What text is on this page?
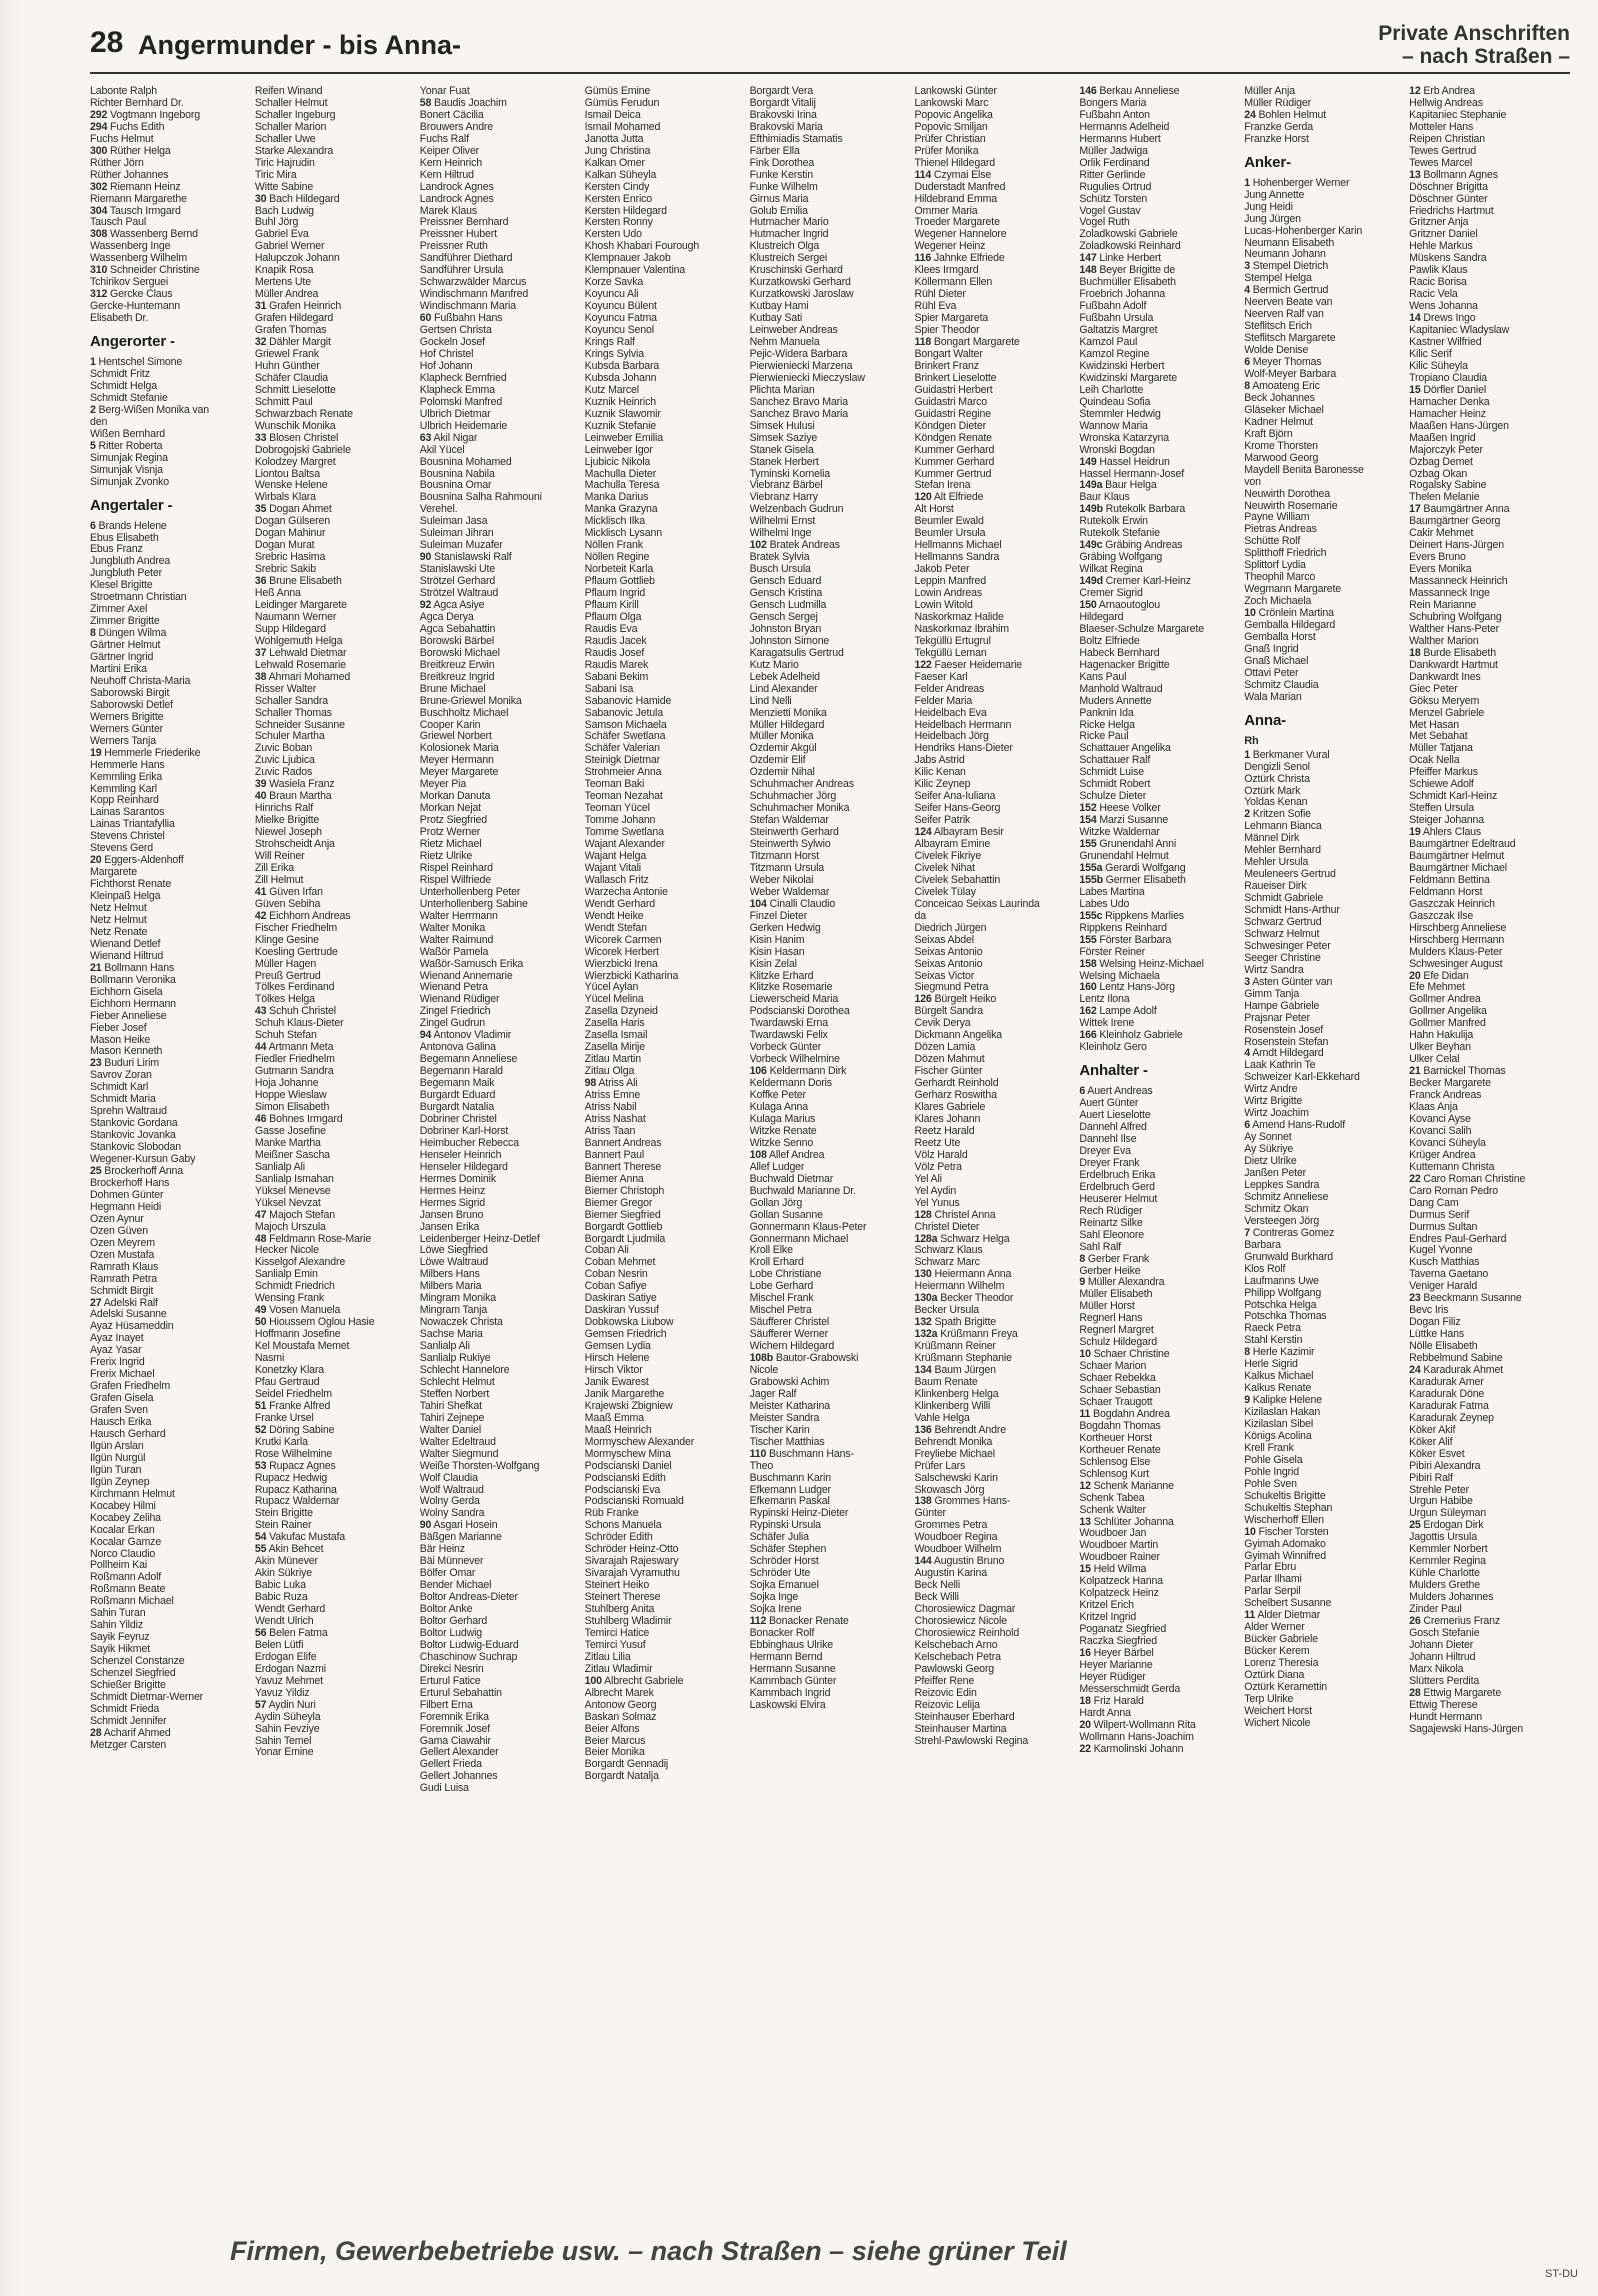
28 Angermunder - bis Anna-	Private Anschriften
– nach Straßen –
Labonte Ralph
Richter Bernhard Dr.
292 Vogtmann Ingeborg
294 Fuchs Edith
Fuchs Helmut
300 Rüther Helga
Rüther Jörn
Rüther Johannes
302 Riemann Heinz
Riemann Margarethe
304 Tausch Irmgard
Tausch Paul
308 Wassenberg Bernd
Wassenberg Inge
Wassenberg Wilhelm
310 Schneider Christine
Tchirikov Serguei
312 Gercke Claus
Gercke-Huntemann
Elisabeth Dr.
Angerorter -
1 Hentschel Simone
Schmidt Fritz
Schmidt Helga
Schmidt Stefanie
2 Berg-Wißen Monika van
den
Wißen Bernhard
5 Ritter Roberta
Simunjak Regina
Simunjak Visnja
Simunjak Zvonko
Angertaler -
6 Brands Helene
Ebus Elisabeth
Ebus Franz
Jungbluth Andrea
Jungbluth Peter
Klesel Brigitte
Stroetmann Christian
Zimmer Axel
Zimmer Brigitte
8 Düngen Wilma
Gärtner Helmut
Gärtner Ingrid
Martini Erika
Neuhoff Christa-Maria
Saborowski Birgit
Saborowski Detlef
Werners Brigitte
Werners Günter
Werners Tanja
19 Hemmerle Friederike
Hemmerle Hans
Kemmling Erika
Kemmling Karl
Kopp Reinhard
Lainas Sarantos
Lainas Triantafyllia
Stevens Christel
Stevens Gerd
20 Eggers-Aldenhoff
Margarete
Fichthorst Renate
Kleinpaß Helga
Netz Helmut
Netz Helmut
Netz Renate
Wienand Detlef
Wienand Hiltrud
21 Bollmann Hans
Bollmann Veronika
Eichhorn Gisela
Eichhorn Hermann
Fieber Anneliese
Fieber Josef
Mason Heike
Mason Kenneth
23 Buduri Lirim
Savrov Zoran
Schmidt Karl
Schmidt Maria
Sprehn Waltraud
Stankovic Gordana
Stankovic Jovanka
Stankovic Slobodan
Wegener-Kursun Gaby
25 Brockerhoff Anna
Brockerhoff Hans
Dohmen Günter
Hegmann Heidi
Özen Aynur
Özen Güven
Özen Meyrem
Özen Mustafa
Ramrath Klaus
Ramrath Petra
Schmidt Birgit
27 Adelski Ralf
Adelski Susanne
Ayaz Hüsameddin
Ayaz Inayet
Ayaz Yasar
Frerix Ingrid
Frerix Michael
Grafen Friedhelm
Grafen Gisela
Grafen Sven
Hausch Erika
Hausch Gerhard
Ilgün Arslan
Ilgün Nurgül
Ilgün Turan
Ilgün Zeynep
Kirchmann Helmut
Kocabey Hilmi
Kocabey Zeliha
Kocalar Erkan
Kocalar Gamze
Norco Claudio
Pollheim Kai
Roßmann Adolf
Roßmann Beate
Roßmann Michael
Sahin Turan
Sahin Yildiz
Sayik Feyruz
Sayik Hikmet
Schenzel Constanze
Schenzel Siegfried
Schießer Brigitte
Schmidt Dietmar-Werner
Schmidt Frieda
Schmidt Jennifer
28 Acharif Ahmed
Metzger Carsten
Reifen Winand
Schaller Helmut
Schaller Ingeburg
Schaller Marion
Schaller Uwe
Starke Alexandra
Tiric Hajrudin
Tiric Mira
Witte Sabine
30 Bach Hildegard
Bach Ludwig
Buhl Jörg
Gabriel Eva
Gabriel Werner
Halupczok Johann
Knapik Rosa
Mertens Ute
Müller Andrea
31 Grafen Heinrich
Grafen Hildegard
Grafen Thomas
32 Dähler Margit
Griewel Frank
Huhn Günther
Schäfer Claudia
Schmitt Lieselotte
Schmitt Paul
Schwarzbach Renate
Wunschik Monika
33 Blosen Christel
Dobrogojski Gabriele
Kolodzey Margret
Liontou Baltsa
Wenske Helene
Wirbals Klara
35 Dogan Ahmet
Dogan Gülseren
Dogan Mahinur
Dogan Murat
Srebric Hasima
Srebric Sakib
36 Brune Elisabeth
Heß Anna
Leidinger Margarete
Naumann Werner
Supp Hildegard
Wohlgemuth Helga
37 Lehwald Dietmar
Lehwald Rosemarie
38 Ahmari Mohamed
Risser Walter
Schaller Sandra
Schaller Thomas
Schneider Susanne
Schuler Martha
Zuvic Boban
Zuvic Ljubica
Zuvic Rados
39 Wasiela Franz
40 Braun Martha
Hinrichs Ralf
Mielke Brigitte
Niewel Joseph
Strohscheidt Anja
Will Reiner
Zill Erika
Zill Helmut
41 Güven Irfan
Güven Sebiha
42 Eichhorn Andreas
Fischer Friedhelm
Klinge Gesine
Koesling Gertrude
Müller Hagen
Preuß Gertrud
Tölkes Ferdinand
Tölkes Helga
43 Schuh Christel
Schuh Klaus-Dieter
Schuh Stefan
44 Artmann Meta
Fiedler Friedhelm
Gutmann Sandra
Hoja Johanne
Hoppe Wieslaw
Simon Elisabeth
46 Bohnes Irmgard
Gasse Josefine
Manke Martha
Meißner Sascha
Sanlialp Ali
Sanlialp Ismahan
Yüksel Menevse
Yüksel Nevzat
47 Majoch Stefan
Majoch Urszula
48 Feldmann Rose-Marie
Hecker Nicole
Kisselgof Alexandre
Sanlialp Emin
Schmidt Friedrich
Wensing Frank
49 Vosen Manuela
50 Hioussem Oglou Hasie
Hoffmann Josefine
Kel Moustafa Memet
Nasmi
Konetzky Klara
Pfau Gertraud
Seidel Friedhelm
51 Franke Alfred
Franke Ursel
52 Döring Sabine
Krutki Karla
Rose Wilhelmine
53 Rupacz Agnes
Rupacz Hedwig
Rupacz Katharina
Rupacz Waldemar
Stein Brigitte
Stein Rainer
54 Vakufac Mustafa
55 Akin Behcet
Akin Münever
Akin Sükriye
Babic Luka
Babic Ruza
Wendt Gerhard
Wendt Ulrich
56 Belen Fatma
Belen Lütfi
Erdogan Elife
Erdogan Nazmi
Yavuz Mehmet
Yavuz Yildiz
57 Aydin Nuri
Aydin Süheyla
Sahin Fevziye
Sahin Temel
Yonar Emine
Yonar Fuat
58 Baudis Joachim
Bonert Cäcilia
Brouwers Andre
Fuchs Ralf
Keiper Oliver
Kern Heinrich
Kern Hiltrud
Landrock Agnes
Landrock Agnes
Marek Klaus
Preissner Bernhard
Preissner Hubert
Preissner Ruth
Sandführer Diethard
Sandführer Ursula
Schwarzwälder Marcus
Windischmann Manfred
Windischmann Maria
60 Fußbahn Hans
Gertsen Christa
Gockeln Josef
Hof Christel
Hof Johann
Klapheck Bernfried
Klapheck Emma
Polomski Manfred
Ulbrich Dietmar
Ulbrich Heidemarie
63 Akil Nigar
Akil Yücel
Bousnina Mohamed
Bousnina Nabila
Bousnina Omar
Bousnina Salha Rahmouni
Verehel.
Suleiman Jasa
Suleiman Jihran
Suleiman Muzafer
90 Stanislawski Ralf
Stanislawski Ute
Strötzel Gerhard
Strötzel Waltraud
92 Agca Asiye
Agca Derya
Agca Sebahattin
Borowski Bärbel
Borowski Michael
Breitkreuz Erwin
Breitkreuz Ingrid
Brune Michael
Brune-Griewel Monika
Buschholtz Michael
Cooper Karin
Griewel Norbert
Kolosionek Maria
Meyer Hermann
Meyer Margarete
Meyer Pia
Morkan Danuta
Morkan Nejat
Protz Siegfried
Protz Werner
Rietz Michael
Rietz Ulrike
Rispel Reinhard
Rispel Wilfriede
Unterhollenberg Peter
Unterhollenberg Sabine
Walter Herrmann
Walter Monika
Walter Raimund
Waßör Pamela
Waßör-Samusch Erika
Wienand Annemarie
Wienand Petra
Wienand Rüdiger
Zingel Friedrich
Zingel Gudrun
94 Antonov Vladimir
Antonova Galina
Begemann Anneliese
Begemann Harald
Begemann Maik
Burgardt Eduard
Burgardt Natalia
Dobriner Christel
Dobriner Karl-Horst
Heimbucher Rebecca
Henseler Heinrich
Henseler Hildegard
Hermes Dominik
Hermes Heinz
Hermes Sigrid
Jansen Bruno
Jansen Erika
Leidenberger Heinz-Detlef
Löwe Siegfried
Löwe Waltraud
Milbers Hans
Milbers Maria
Mingram Monika
Mingram Tanja
Nowaczek Christa
Sachse Maria
Sanlialp Ali
Sanlialp Rukiye
Schlecht Hannelore
Schlecht Helmut
Steffen Norbert
Tahiri Shefkat
Tahiri Zejnepe
Walter Daniel
Walter Edeltraud
Walter Siegmund
Weiße Thorsten-Wolfgang
Wolf Claudia
Wolf Waltraud
Wolny Gerda
Wolny Sandra
90 Asgari Hosein
Bäßgen Marianne
Bär Heinz
Bäi Münnever
Bölfer Ömar
Bender Michael
Boltor Andreas-Dieter
Boltor Anke
Boltor Gerhard
Boltor Ludwig
Boltor Ludwig-Eduard
Chaschinow Suchrap
Direkci Nesrin
Erturul Fatice
Erturul Sebahattin
Filbert Erna
Foremnik Erika
Foremnik Josef
Gama Ciawahir
Gellert Alexander
Gellert Frieda
Gellert Johannes
Gudi Luisa
Gümüs Emine
Gümüs Ferudun
Ismail Deica
Ismail Mohamed
Janotta Jutta
Jung Christina
Kalkan Ömer
Kalkan Süheyla
Kersten Cindy
Kersten Enrico
Kersten Hildegard
Kersten Ronny
Kersten Udo
Khosh Khabari Fourough
Klempnauer Jakob
Klempnauer Valentina
Korze Savka
Koyuncu Ali
Koyuncu Bülent
Koyuncu Fatma
Koyuncu Senol
Krings Ralf
Krings Sylvia
Kubsda Barbara
Kubsda Johann
Kutz Marcel
Kuznik Heinrich
Kuznik Slawomir
Kuznik Stefanie
Leinweber Emilia
Leinweber Igor
Ljubicic Nikola
Machulla Dieter
Machulla Teresa
Manka Darius
Manka Grazyna
Micklisch Ilka
Micklisch Lysann
Nöllen Frank
Nöllen Regine
Norbeteit Karla
Pflaum Gottlieb
Pflaum Ingrid
Pflaum Kirill
Pflaum Olga
Raudis Eva
Raudis Jacek
Raudis Josef
Raudis Marek
Sabani Bekim
Sabani Isa
Sabanovic Hamide
Sabanovic Jetula
Samson Michaela
Schäfer Swetlana
Schäfer Valerian
Steinigk Dietmar
Strohmeier Anna
Teoman Baki
Teoman Nezahat
Teoman Yücel
Tomme Johann
Tomme Swetlana
Wajant Alexander
Wajant Helga
Wajant Vitali
Wallasch Fritz
Warzecha Antonie
Wendt Gerhard
Wendt Heike
Wendt Stefan
Wicorek Carmen
Wicorek Herbert
Wierzbicki Irena
Wierzbicki Katharina
Yücel Aylan
Yücel Melina
Zasella Dzyneid
Zasella Haris
Zasella Ismail
Zasella Mirije
Zitlau Martin
Zitlau Olga
98 Atriss Ali
Atriss Emne
Atriss Nabil
Atriss Nashat
Atriss Taan
Bannert Andreas
Bannert Paul
Bannert Therese
Biemer Anna
Biemer Christoph
Biemer Gregor
Biemer Siegfried
Borgardt Gottlieb
Borgardt Ljudmila
Coban Ali
Coban Mehmet
Coban Nesrin
Coban Safiye
Daskiran Satiye
Daskiran Yussuf
Dobkowska Liubow
Gemsen Friedrich
Gemsen Lydia
Hirsch Helene
Hirsch Viktor
Janik Ewarest
Janik Margarethe
Krajewski Zbigniew
Maaß Emma
Maaß Heinrich
Mormyschew Alexander
Mormyschew Mina
Podscianski Daniel
Podscianski Edith
Podscianski Eva
Podscianski Romuald
Rüb Franke
Schons Manuela
Schröder Edith
Schröder Heinz-Otto
Sivarajah Rajeswary
Sivarajah Vyramuthu
Steinert Heiko
Steinert Therese
Stuhlberg Anita
Stuhlberg Wladimir
Temirci Hatice
Temirci Yusuf
Zitlau Lilia
Zitlau Wladimir
100 Albrecht Gabriele
Albrecht Marek
Antonow Georg
Baskan Solmaz
Beier Alfons
Beier Marcus
Beier Monika
Borgardt Gennadij
Borgardt Natalja
Borgardt Vera
Borgardt Vitalij
Brakovski Irina
Brakovski Maria
Efthimiadis Stamatis
Färber Ella
Fink Dorothea
Funke Kerstin
Funke Wilhelm
Girnus Maria
Golub Emilia
Hutmacher Mario
Hutmacher Ingrid
Klustreich Olga
Klustreich Sergei
Kruschinski Gerhard
Kurzatkowski Gerhard
Kurzatkowski Jaroslaw
Kutbay Hami
Kutbay Sati
Leinweber Andreas
Nehm Manuela
Pejic-Widera Barbara
Pierwieniecki Marzena
Pierwieniecki Mieczyslaw
Plichta Marian
Sanchez Bravo Maria
Sanchez Bravo Maria
Simsek Hulusi
Simsek Saziye
Stanek Gisela
Stanek Herbert
Tyminski Kornelia
Viebranz Bärbel
Viebranz Harry
Welzenbach Gudrun
Wilhelmi Ernst
Wilhelmi Inge
102 Bratek Andreas
Bratek Sylvia
Busch Ursula
Gensch Eduard
Gensch Kristina
Gensch Ludmilla
Gensch Sergej
Johnston Bryan
Johnston Simone
Karagatsulis Gertrud
Kutz Mario
Lebek Adelheid
Lind Alexander
Lind Nelli
Menzietti Monika
Müller Hildegard
Müller Monika
Özdemir Akgül
Özdemir Elif
Özdemir Nihal
Schuhmacher Andreas
Schuhmacher Jörg
Schuhmacher Monika
Stefan Waldemar
Steinwerth Gerhard
Steinwerth Sylwio
Titzmann Horst
Titzmann Ursula
Weber Nikolai
Weber Waldemar
104 Cinalli Claudio
Finzel Dieter
Gerken Hedwig
Kisin Hanim
Kisin Hasan
Kisin Zelal
Klitzke Erhard
Klitzke Rosemarie
Liewerscheid Maria
Podscianski Dorothea
Twardawski Erna
Twardawski Felix
Vorbeck Günter
Vorbeck Wilhelmine
106 Keldermann Dirk
Keldermann Doris
Koffke Peter
Kulaga Anna
Kulaga Marius
Witzke Renate
Witzke Senno
108 Allef Andrea
Allef Ludger
Buchwald Dietmar
Buchwald Marianne Dr.
Gollan Jörg
Gollan Susanne
Gonnermann Klaus-Peter
Gonnermann Michael
Kroll Elke
Kroll Erhard
Lobe Christiane
Lobe Gerhard
Mischel Frank
Mischel Petra
Säufferer Christel
Säufferer Werner
Wichern Hildegard
108b Bautor-Grabowski
Nicole
Grabowski Achim
Jager Ralf
Meister Katharina
Meister Sandra
Tischer Karin
Tischer Matthias
110 Buschmann Hans-
Theo
Buschmann Karin
Efkemann Ludger
Efkemann Paskal
Rypinski Heinz-Dieter
Rypinski Ursula
Schäfer Julia
Schäfer Stephen
Schröder Horst
Schröder Ute
Sojka Emanuel
Sojka Inge
Sojka Irene
112 Bonacker Renate
Bonacker Rolf
Ebbinghaus Ulrike
Hermann Bernd
Hermann Susanne
Kammbach Günter
Kammbach Ingrid
Laskowski Elvira
Lankowski Günter
Lankowski Marc
Popovic Angelika
Popovic Smiljan
Prüfer Christian
Prüfer Monika
Thienel Hildegard
114 Czymai Else
Duderstadt Manfred
Hildebrand Emma
Ommer Maria
Troeder Margarete
Wegener Hannelore
Wegener Heinz
116 Jahnke Elfriede
Klees Irmgard
Köllermann Ellen
Rühl Dieter
Rühl Eva
Spier Margareta
Spier Theodor
118 Bongart Margarete
Bongart Walter
Brinkert Franz
Brinkert Lieselotte
Guidastri Herbert
Guidastri Marco
Guidastri Regine
Köndgen Dieter
Köndgen Renate
Kummer Gerhard
Kummer Gerhard
Kummer Gertrud
Stefan Irena
120 Alt Elfriede
Alt Horst
Beumler Ewald
Beumler Ursula
Hellmanns Michael
Hellmanns Sandra
Jakob Peter
Leppin Manfred
Lowin Andreas
Lowin Witold
Naskorkmaz Halide
Naskorkmaz Ibrahim
Tekgüllü Ertugrul
Tekgüllü Leman
122 Faeser Heidemarie
Faeser Karl
Felder Andreas
Felder Maria
Heidelbach Eva
Heidelbach Hermann
Heidelbach Jörg
Hendriks Hans-Dieter
Jabs Astrid
Kilic Kenan
Kilic Zeynep
Seifer Ana-Iuliana
Seifer Hans-Georg
Seifer Patrik
124 Albayram Besir
Albayram Emine
Civelek Fikriye
Civelek Nihat
Civelek Sebahattin
Civelek Tülay
Conceicao Seixas Laurinda
da
Diedrich Jürgen
Seixas Abdel
Seixas Antonio
Seixas Antonio
Seixas Victor
Siegmund Petra
126 Bürgelt Heiko
Bürgelt Sandra
Cevik Derya
Dickmann Angelika
Dözen Lamia
Dözen Mahmut
Fischer Günter
Gerhardt Reinhold
Gerharz Roswitha
Klares Gabriele
Klares Johann
Reetz Harald
Reetz Ute
Völz Harald
Völz Petra
Yel Ali
Yel Aydin
Yel Yunus
128 Christel Anna
Christel Dieter
128a Schwarz Helga
Schwarz Klaus
Schwarz Marc
130 Heiermann Anna
Heiermann Wilhelm
130a Becker Theodor
Becker Ursula
132 Spath Brigitte
132a Krüßmann Freya
Krüßmann Reiner
Krüßmann Stephanie
134 Baum Jürgen
Baum Renate
Klinkenberg Helga
Klinkenberg Willi
Vahle Helga
136 Behrendt Andre
Behrendt Monika
Freyliebe Michael
Prüfer Lars
Salschewski Karin
Skowasch Jörg
138 Grommes Hans-
Günter
Grommes Petra
Woudboer Regina
Woudboer Wilhelm
144 Augustin Bruno
Augustin Karina
Beck Nelli
Beck Willi
Chorosiewicz Dagmar
Chorosiewicz Nicole
Chorosiewicz Reinhold
Kelschebach Arno
Kelschebach Petra
Pawlowski Georg
Pfeiffer Rene
Reizovic Edin
Reizovic Lelija
Steinhauser Eberhard
Steinhauser Martina
Strehl-Pawlowski Regina
146 Berkau Anneliese
Bongers Maria
Fußbahn Anton
Hermanns Adelheid
Hermanns Hubert
Müller Jadwiga
Orlik Ferdinand
Ritter Gerlinde
Rugulies Ortrud
Schütz Torsten
Vogel Gustav
Vogel Ruth
Zoladkowski Gabriele
Zoladkowski Reinhard
147 Linke Herbert
148 Beyer Brigitte de
Buchmüller Elisabeth
Froebrich Johanna
Fußbahn Adolf
Fußbahn Ursula
Galtatzis Margret
Kamzol Paul
Kamzol Regine
Kwidzinski Herbert
Kwidzinski Margarete
Leih Charlotte
Quindeau Sofia
Stemmler Hedwig
Wannow Maria
Wronska Katarzyna
Wronski Bogdan
149 Hassel Heidrun
Hassel Hermann-Josef
149a Baur Helga
Baur Klaus
149b Rutekolk Barbara
Rutekolk Erwin
Rutekolk Stefanie
149c Gräbing Andreas
Gräbing Wolfgang
Wilkat Regina
149d Cremer Karl-Heinz
Cremer Sigrid
150 Arnaoutoglou
Hildegard
Blaeser-Schulze Margarete
Boltz Elfriede
Habeck Bernhard
Hagenacker Brigitte
Kans Paul
Manhold Waltraud
Muders Annette
Panknin Ida
Ricke Helga
Ricke Paul
Schattauer Angelika
Schattauer Ralf
Schmidt Luise
Schmidt Robert
Schulze Dieter
152 Heese Volker
154 Marzi Susanne
Witzke Waldemar
155 Grunendahl Anni
Grunendahl Helmut
155a Gerardi Wolfgang
155b Germer Elisabeth
Labes Martina
Labes Udo
155c Rippkens Marlies
Rippkens Reinhard
155 Förster Barbara
Förster Reiner
158 Welsing Heinz-Michael
Welsing Michaela
160 Lentz Hans-Jörg
Lentz Ilona
162 Lampe Adolf
Wittek Irene
166 Kleinholz Gabriele
Kleinholz Gero
Anhalter -
6 Auert Andreas
Auert Günter
Auert Lieselotte
Dannehl Alfred
Dannehl Ilse
Dreyer Eva
Dreyer Frank
Erdelbruch Erika
Erdelbruch Gerd
Heuserer Helmut
Rech Rüdiger
Reinartz Silke
Sahl Eleonore
Sahl Ralf
8 Gerber Frank
Gerber Heike
9 Müller Alexandra
Müller Elisabeth
Müller Horst
Regnerl Hans
Regnerl Margret
Schulz Hildegard
10 Schaer Christine
Schaer Marion
Schaer Rebekka
Schaer Sebastian
Schaer Traugott
11 Bogdahn Andrea
Bogdahn Thomas
Kortheuer Horst
Kortheuer Renate
Schlensog Else
Schlensog Kurt
12 Schenk Marianne
Schenk Tabea
Schenk Walter
13 Schlüter Johanna
Woudboer Jan
Woudboer Martin
Woudboer Rainer
15 Held Wilma
Kolpatzeck Hanna
Kolpatzeck Heinz
Kritzel Erich
Kritzel Ingrid
Poganatz Siegfried
Raczka Siegfried
16 Heyer Bärbel
Heyer Marianne
Heyer Rüdiger
Messerschmidt Gerda
18 Friz Harald
Hardt Anna
20 Wilpert-Wollmann Rita
Wollmann Hans-Joachim
22 Karmolinski Johann
Müller Anja
Müller Rüdiger
24 Bohlen Helmut
Franzke Gerda
Franzke Horst
Anker-
1 Hohenberger Werner
Jung Annette
Jung Heidi
Jung Jürgen
Lucas-Hohenberger Karin
Neumann Elisabeth
Neumann Johann
3 Stempel Dietrich
Stempel Helga
4 Bermich Gertrud
Neerven Beate van
Neerven Ralf van
Steflitsch Erich
Steflitsch Margarete
Wolde Denise
6 Meyer Thomas
Wolf-Meyer Barbara
8 Amoateng Eric
Beck Johannes
Gläseker Michael
Kadner Helmut
Kraft Björn
Krome Thorsten
Marwood Georg
Maydell Benita Baronesse
von
Neuwirth Dorothea
Neuwirth Rosemarie
Payne William
Pietras Andreas
Schütte Rolf
Splitthoff Friedrich
Splittorf Lydia
Theophil Marco
Wegmann Margarete
Zoch Michaela
10 Crönlein Martina
Gemballa Hildegard
Gemballa Horst
Gnaß Ingrid
Gnaß Michael
Ottavi Peter
Schmitz Claudia
Wala Marian
Anna-
Rh
1 Berkmaner Vural
Dengizli Senol
Öztürk Christa
Öztürk Mark
Yoldas Kenan
2 Kritzen Sofie
Lehmann Bianca
Männel Dirk
Mehler Bernhard
Mehler Ursula
Meuleneers Gertrud
Raueiser Dirk
Schmidt Gabriele
Schmidt Hans-Arthur
Schwarz Gertrud
Schwarz Helmut
Schwesinger Peter
Seeger Christine
Wirtz Sandra
3 Asten Günter van
Gimm Tanja
Hampe Gabriele
Prajsnar Peter
Rosenstein Josef
Rosenstein Stefan
4 Arndt Hildegard
Laak Kathrin Te
Schweizer Karl-Ekkehard
Wirtz Andre
Wirtz Brigitte
Wirtz Joachim
6 Amend Hans-Rudolf
Ay Sonnet
Ay Sükriye
Dietz Ulrike
Janßen Peter
Leppkes Sandra
Schmitz Anneliese
Schmitz Okan
Versteegen Jörg
7 Contreras Gomez
Barbara
Grunwald Burkhard
Klos Rolf
Laufmanns Uwe
Philipp Wolfgang
Potschka Helga
Potschka Thomas
Raeck Petra
Stahl Kerstin
8 Herle Kazimir
Herle Sigrid
Kalkus Michael
Kalkus Renate
9 Kalipke Helene
Kizilaslan Hakan
Kizilaslan Sibel
Königs Acolina
Krell Frank
Pohle Gisela
Pohle Ingrid
Pohle Sven
Schukeltis Brigitte
Schukeltis Stephan
Wischerhoff Ellen
10 Fischer Torsten
Gyimah Adomako
Gyimah Winnifred
Parlar Ebru
Parlar Ilhami
Parlar Serpil
Schelbert Susanne
11 Alder Dietmar
Alder Werner
Bücker Gabriele
Bücker Kerem
Lorenz Theresia
Öztürk Diana
Öztürk Keramettin
Terp Ulrike
Weichert Horst
Wichert Nicole
12 Erb Andrea
Hellwig Andreas
Kapitaniec Stephanie
Motteler Hans
Reipen Christian
Tewes Gertrud
Tewes Marcel
13 Bollmann Agnes
Döschner Brigitta
Döschner Günter
Friedrichs Hartmut
Gritzner Anja
Gritzner Daniel
Hehle Markus
Müskens Sandra
Pawlik Klaus
Racic Borisa
Racic Vela
Wens Johanna
14 Drews Ingo
Kapitaniec Wladyslaw
Kastner Wilfried
Kilic Serif
Kilic Süheyla
Tropiano Claudia
15 Dörfler Daniel
Hamacher Denka
Hamacher Heinz
Maaßen Hans-Jürgen
Maaßen Ingrid
Majorczyk Peter
Özbag Demet
Özbag Okan
Rogalsky Sabine
Thelen Melanie
17 Baumgärtner Anna
Baumgärtner Georg
Cakir Mehmet
Deinert Hans-Jürgen
Evers Bruno
Evers Monika
Massanneck Heinrich
Massanneck Inge
Rein Marianne
Schubring Wolfgang
Walther Hans-Peter
Walther Marion
18 Burde Elisabeth
Dankwardt Hartmut
Dankwardt Ines
Giec Peter
Göksu Meryem
Menzel Gabriele
Met Hasan
Met Sebahat
Müller Tatjana
Ocak Nella
Pfeiffer Markus
Schiewe Adolf
Schmidt Karl-Heinz
Steffen Ursula
Steiger Johanna
19 Ahlers Claus
Baumgärtner Edeltraud
Baumgärtner Helmut
Baumgärtner Michael
Feldmann Bettina
Feldmann Horst
Gaszczak Heinrich
Gaszczak Ilse
Hirschberg Anneliese
Hirschberg Hermann
Mulders Klaus-Peter
Schwesinger August
20 Efe Didan
Efe Mehmet
Gollmer Andrea
Gollmer Angelika
Gollmer Manfred
Hahn Hakulija
Ülker Beyhan
Ülker Celal
21 Barnickel Thomas
Becker Margarete
Franck Andreas
Klaas Anja
Kovanci Ayse
Kovanci Salih
Kovanci Süheyla
Krüger Andrea
Kuttemann Christa
22 Caro Roman Christine
Caro Roman Pedro
Dang Cam
Durmus Serif
Durmus Sultan
Endres Paul-Gerhard
Kugel Yvonne
Kusch Matthias
Taverna Gaetano
Veniger Harald
23 Beeckmann Susanne
Bevc Iris
Dogan Filiz
Lüttke Hans
Nölle Elisabeth
Rebbelmund Sabine
24 Karadurak Ahmet
Karadurak Amer
Karadurak Döne
Karadurak Fatma
Karadurak Zeynep
Köker Akif
Köker Alif
Köker Esvet
Pibiri Alexandra
Pibiri Ralf
Strehle Peter
Urgun Habibe
Urgun Süleyman
25 Erdogan Dirk
Jagottis Ursula
Kemmler Norbert
Kemmler Regina
Kühle Charlotte
Mulders Grethe
Mulders Johannes
Zinder Paul
26 Cremerius Franz
Gosch Stefanie
Johann Dieter
Johann Hiltrud
Marx Nikola
Slütters Perdita
28 Ettwig Margarete
Ettwig Therese
Hundt Hermann
Sagajewski Hans-Jürgen
Firmen, Gewerbebetriebe usw. – nach Straßen – siehe grüner Teil
ST-DU
